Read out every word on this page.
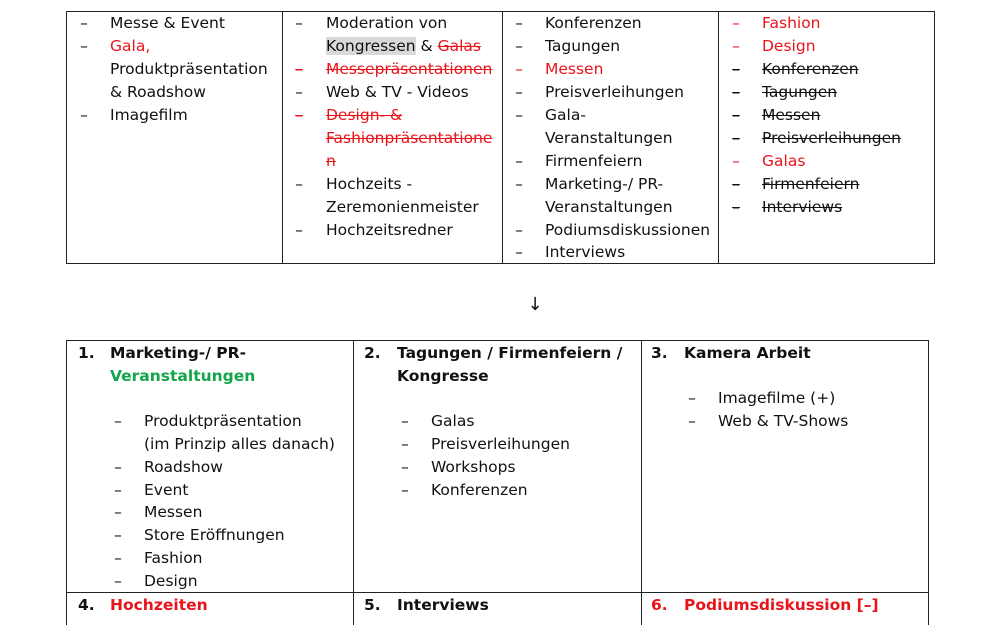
– Messe & Event
– Gala,
Produktpräsentation
& Roadshow
– Imagefilm
– Moderation von
Kongressen & Galas
– Messepräsentationen
– Web & TV - Videos
– Design- &
Fashionpräsentatione
n
– Hochzeits -
Zeremonienmeister
– Hochzeitsredner
– Konferenzen
– Tagungen
– Messen
– Preisverleihungen
– Gala-
Veranstaltungen
– Firmenfeiern
– Marketing-/ PR-
Veranstaltungen
– Podiumsdiskussionen
– Interviews
– Fashion
– Design
– Konferenzen
– Tagungen
– Messen
– Preisverleihungen
– Galas
– Firmenfeiern
– Interviews
↓
1. Marketing-/ PR-
Veranstaltungen
– Produktpräsentation
(im Prinzip alles danach)
– Roadshow
– Event
– Messen
– Store Eröffnungen
– Fashion
– Design
2. Tagungen / Firmenfeiern /
Kongresse
– Galas
– Preisverleihungen
– Workshops
– Konferenzen
3. Kamera Arbeit
– Imagefilme (+)
– Web & TV-Shows
4. Hochzeiten	5. Interviews	6. Podiumsdiskussion [–]
